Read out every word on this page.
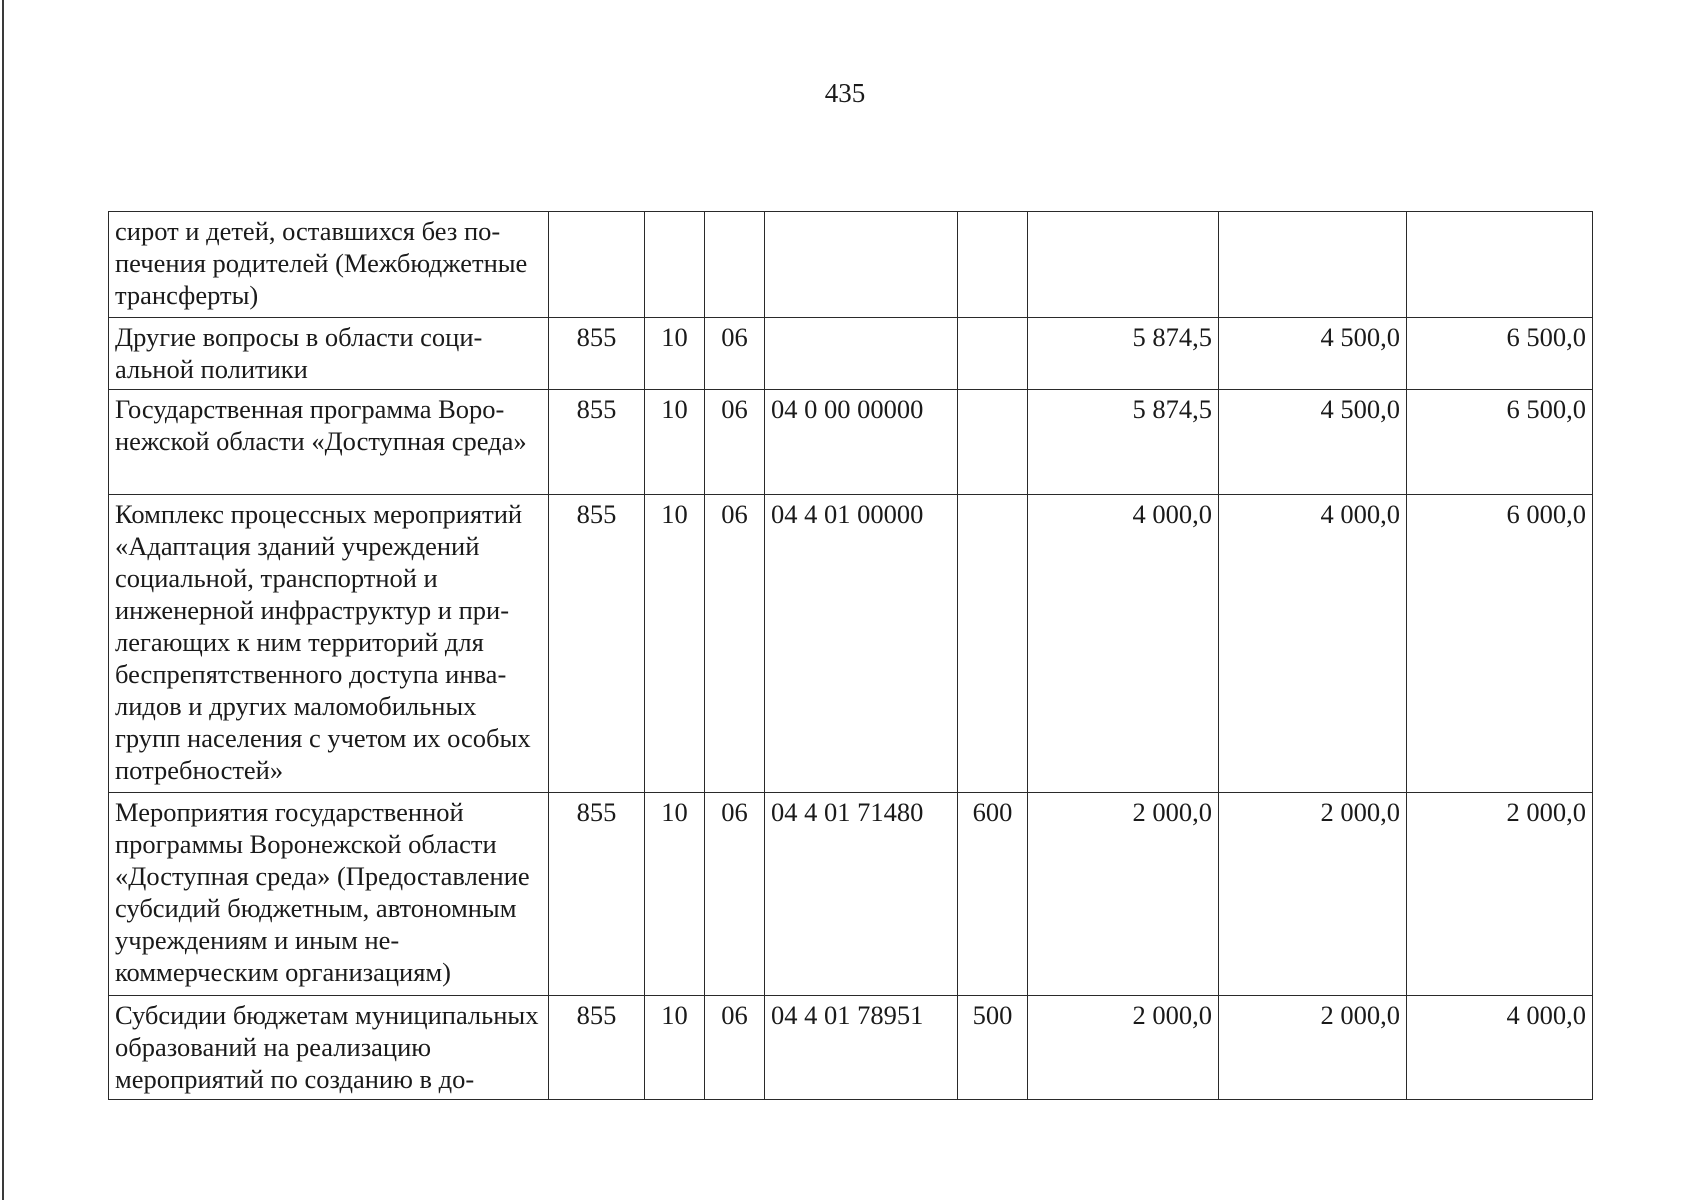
435
сирот и детей, оставшихся без попечения родителей (Межбюджетные трансферты)								
Другие вопросы в области социальной политики	855	10	06			5 874,5	4 500,0	6 500,0
Государственная программа Воронежской области «Доступная среда»	855	10	06	04 0 00 00000		5 874,5	4 500,0	6 500,0
Комплекс процессных мероприятий «Адаптация зданий учреждений социальной, транспортной и инженерной инфраструктур и прилегающих к ним территорий для беспрепятственного доступа инвалидов и других маломобильных групп населения с учетом их особых потребностей»	855	10	06	04 4 01 00000		4 000,0	4 000,0	6 000,0
Мероприятия государственной программы Воронежской области «Доступная среда» (Предоставление субсидий бюджетным, автономным учреждениям и иным некоммерческим организациям)	855	10	06	04 4 01 71480	600	2 000,0	2 000,0	2 000,0
Субсидии бюджетам муниципальных образований на реализацию мероприятий по созданию в до-	855	10	06	04 4 01 78951	500	2 000,0	2 000,0	4 000,0
